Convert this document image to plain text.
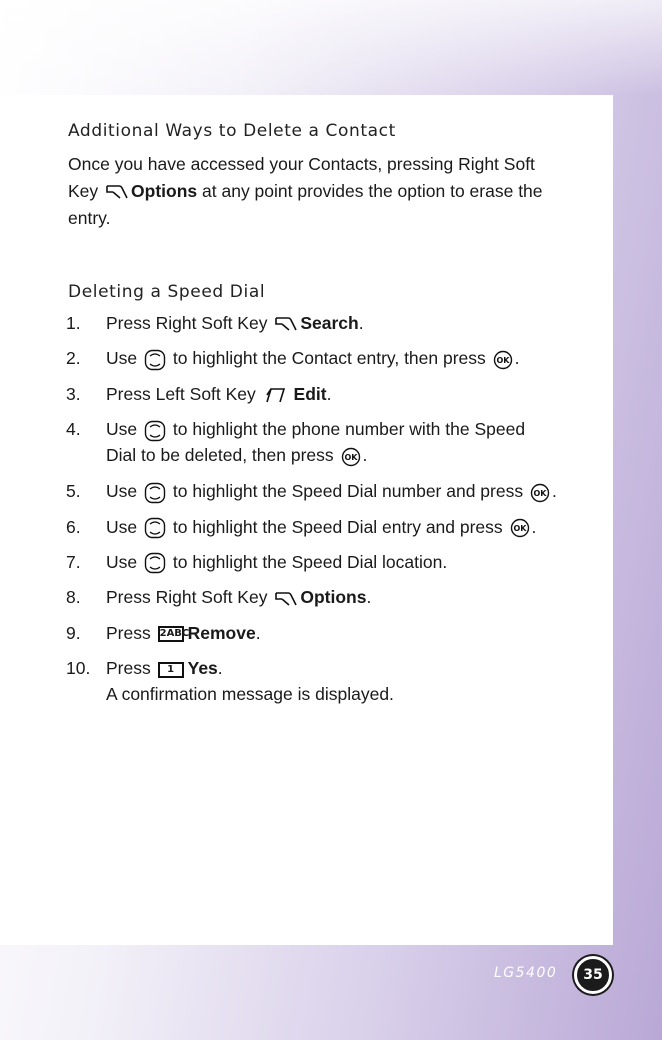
Additional Ways to Delete a Contact
Once you have accessed your Contacts, pressing Right Soft
Key Options at any point provides the option to erase the
entry.
Deleting a Speed Dial
1. Press Right Soft Key Search.
2. Use to highlight the Contact entry, then press .
3. Press Left Soft Key Edit.
4. Use to highlight the phone number with the Speed
Dial to be deleted, then press .
5. Use to highlight the Speed Dial number and press .
6. Use to highlight the Speed Dial entry and press .
7. Use to highlight the Speed Dial location.
8. Press Right Soft Key Options.
9. Press 2ABC
Remove.
10. Press	1 Yes.
A confirmation message is displayed.
LG5400	35
